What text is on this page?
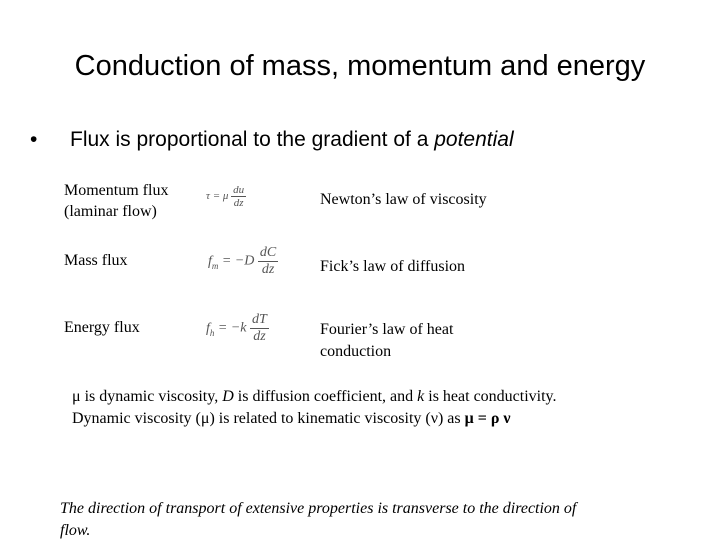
Conduction of mass, momentum and energy
• Flux is proportional to the gradient of a potential
Momentum flux
(laminar flow)
τ = μ $\frac{du}{dz}$	Newton’s law of viscosity
Mass flux	$f_m = -D \frac{dC}{dz}$	Fick’s law of diffusion
Energy flux	$f_h = -k \frac{dT}{dz}$	Fourier’s law of heat
conduction
μ is dynamic viscosity, D is diffusion coefficient, and k is heat conductivity.
Dynamic viscosity (μ) is related to kinematic viscosity (ν) as μ = ρ ν
The direction of transport of extensive properties is transverse to the direction of flow.
